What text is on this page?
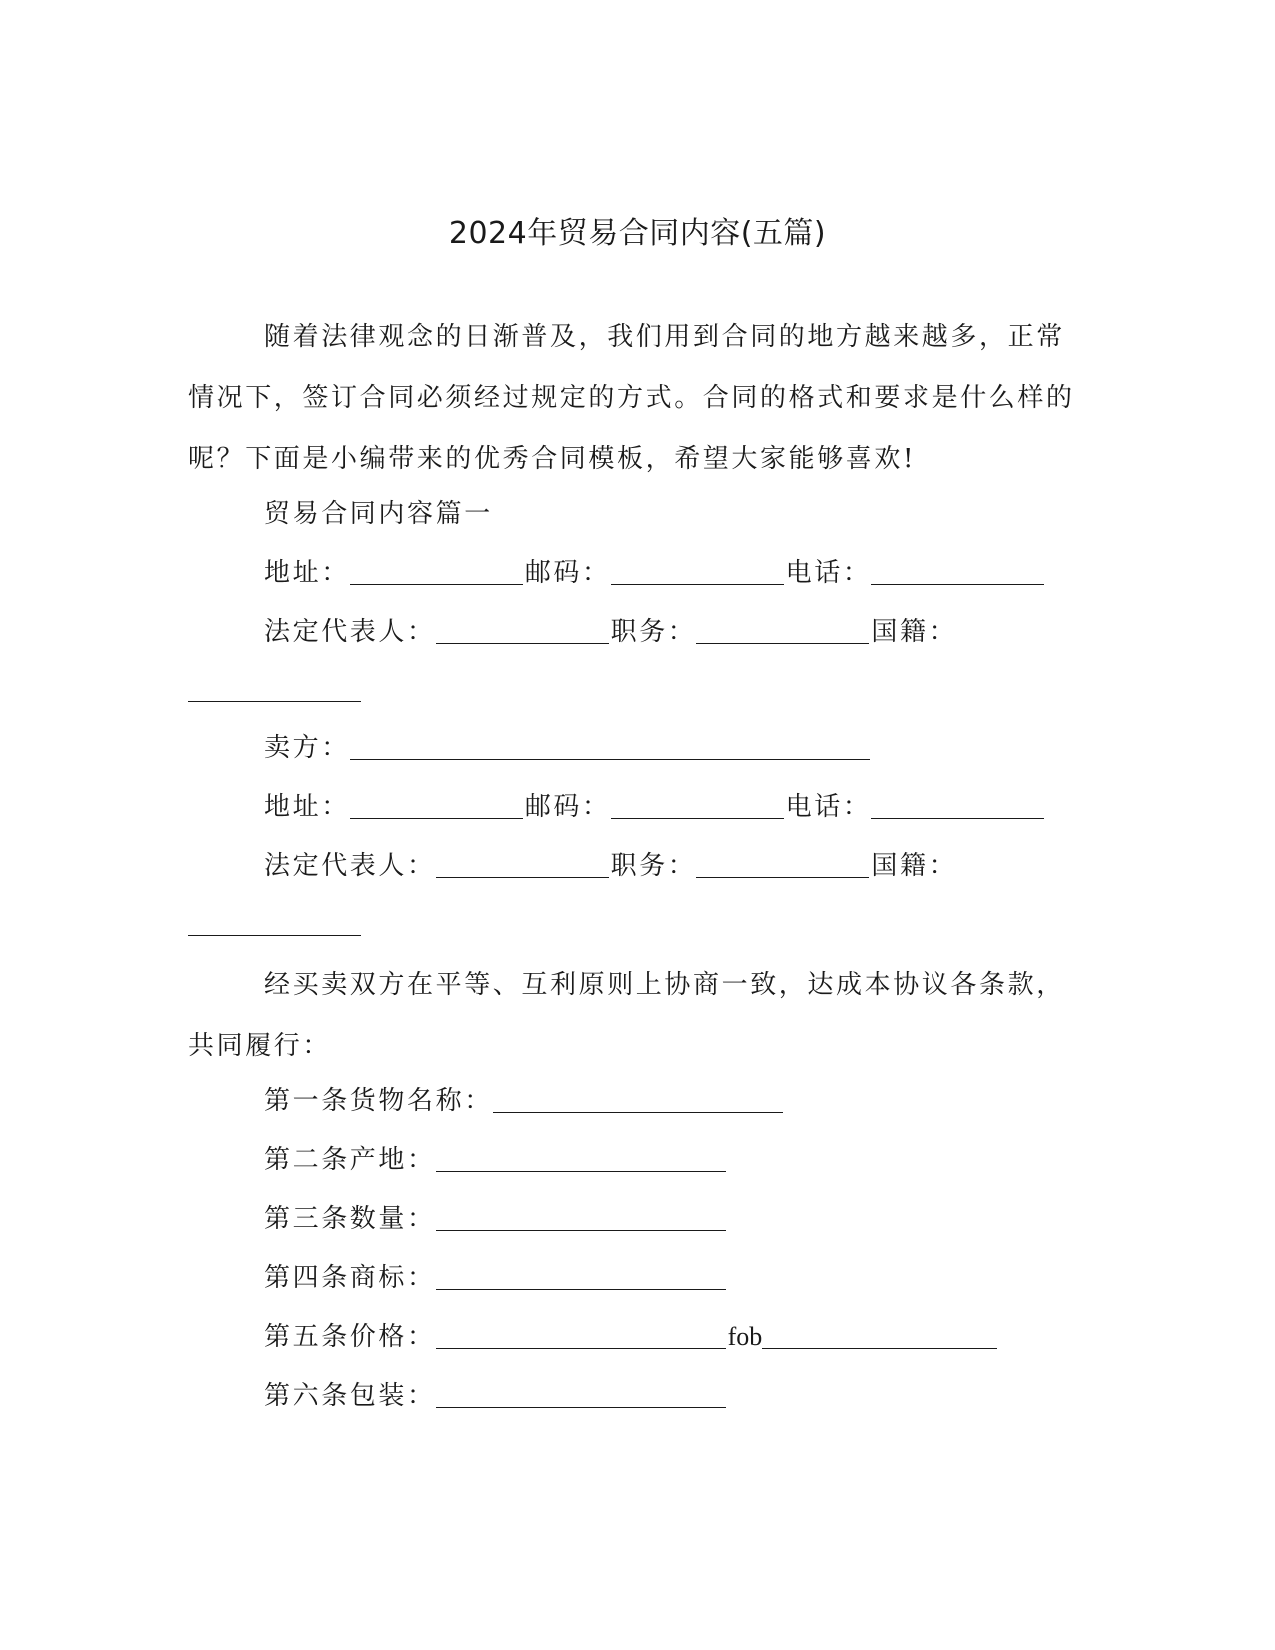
2024年贸易合同内容(五篇)

随着法律观念的日渐普及，我们用到合同的地方越来越多，正常情况下，签订合同必须经过规定的方式。合同的格式和要求是什么样的呢？下面是小编带来的优秀合同模板，希望大家能够喜欢!

贸易合同内容篇一
地址：	邮码：	电话：
法定代表人：	职务：	国籍：
卖方：
地址：	邮码：	电话：
法定代表人：	职务：	国籍：

经买卖双方在平等、互利原则上协商一致，达成本协议各条款，共同履行：

第一条货物名称：
第二条产地：
第三条数量：
第四条商标：
第五条价格：	fob
第六条包装：
